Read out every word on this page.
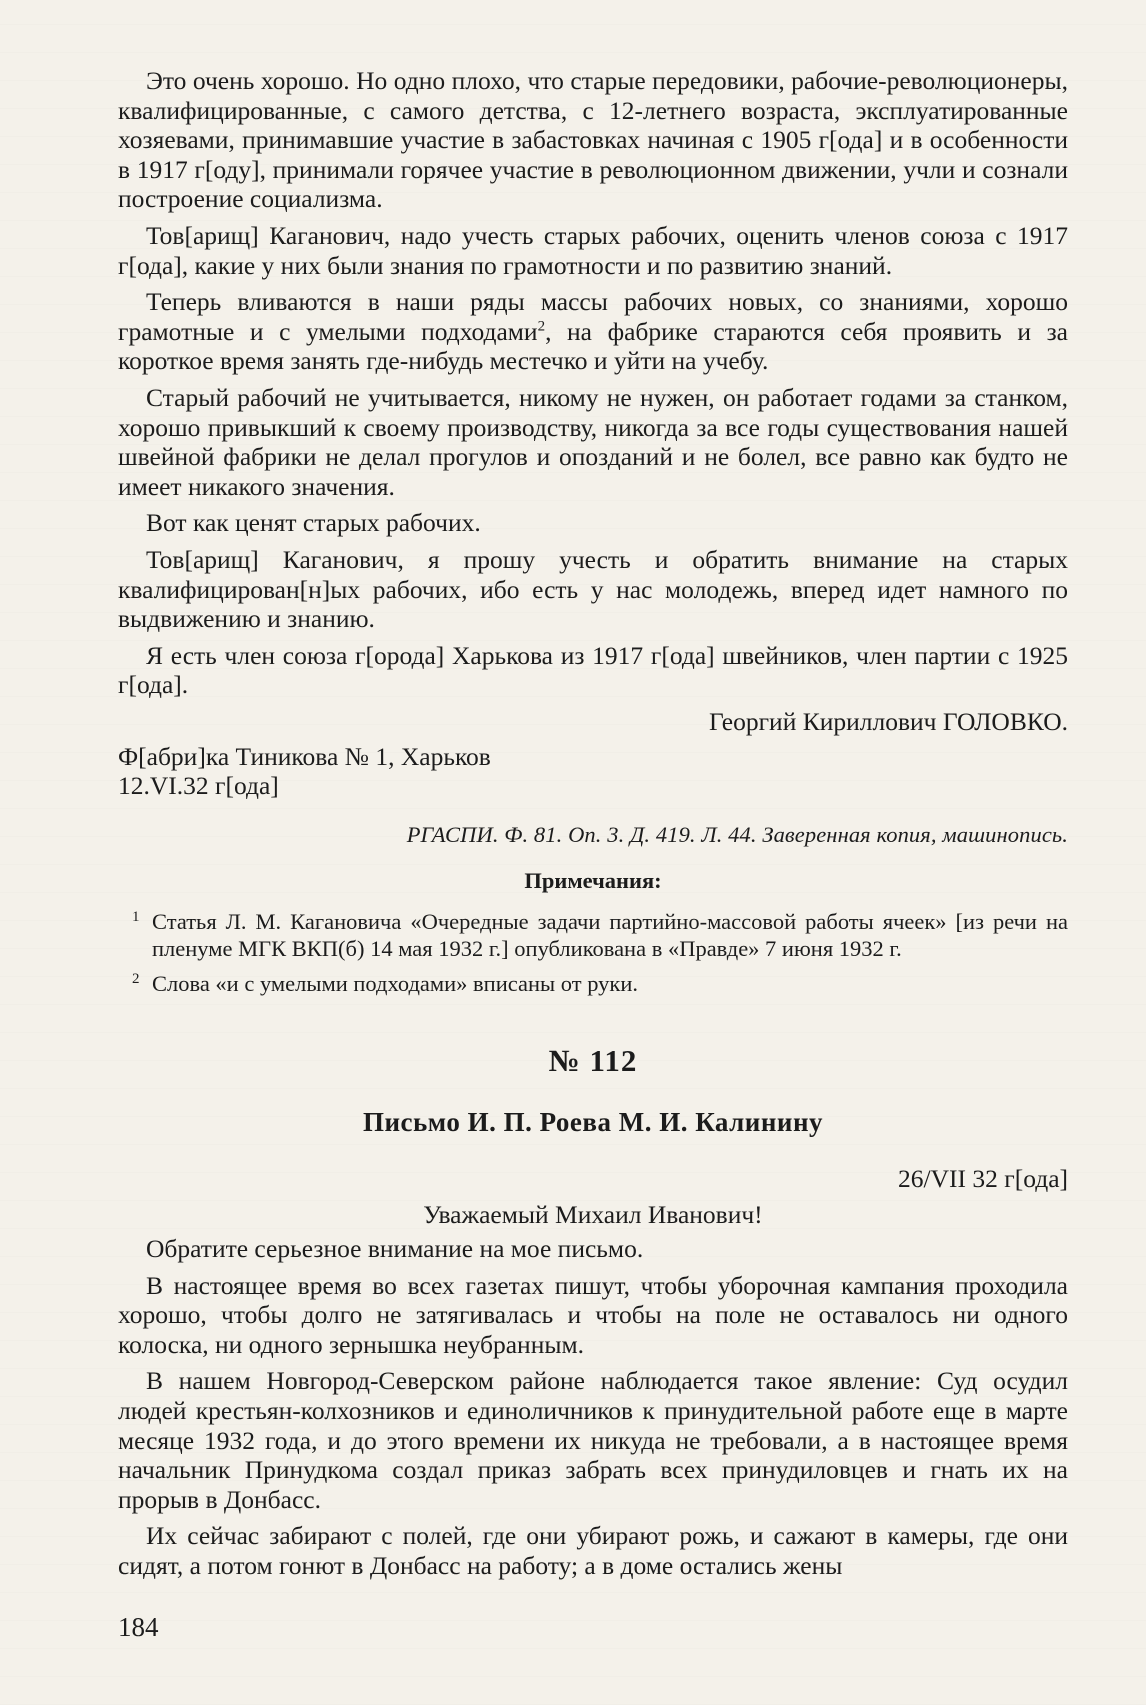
Это очень хорошо. Но одно плохо, что старые передовики, рабочие-революционеры, квалифицированные, с самого детства, с 12-летнего возраста, эксплуатированные хозяевами, принимавшие участие в забастовках начиная с 1905 г[ода] и в особенности в 1917 г[оду], принимали горячее участие в революционном движении, учли и сознали построение социализма.

Тов[арищ] Каганович, надо учесть старых рабочих, оценить членов союза с 1917 г[ода], какие у них были знания по грамотности и по развитию знаний.

Теперь вливаются в наши ряды массы рабочих новых, со знаниями, хорошо грамотные и с умелыми подходами$^2$, на фабрике стараются себя проявить и за короткое время занять где-нибудь местечко и уйти на учебу.

Старый рабочий не учитывается, никому не нужен, он работает годами за станком, хорошо привыкший к своему производству, никогда за все годы существования нашей швейной фабрики не делал прогулов и опозданий и не болел, все равно как будто не имеет никакого значения.

Вот как ценят старых рабочих.

Тов[арищ] Каганович, я прошу учесть и обратить внимание на старых квалифицирован[н]ых рабочих, ибо есть у нас молодежь, вперед идет намного по выдвижению и знанию.

Я есть член союза г[орода] Харькова из 1917 г[ода] швейников, член партии с 1925 г[ода].

Георгий Кириллович ГОЛОВКО.

Ф[абри]ка Тиникова № 1, Харьков
12.VI.32 г[ода]
РГАСПИ. Ф. 81. Оп. 3. Д. 419. Л. 44. Заверенная копия, машинопись.
Примечания:
1 Статья Л. М. Кагановича «Очередные задачи партийно-массовой работы ячеек» [из речи на пленуме МГК ВКП(б) 14 мая 1932 г.] опубликована в «Правде» 7 июня 1932 г.
2 Слова «и с умелыми подходами» вписаны от руки.
№ 112
Письмо И. П. Роева М. И. Калинину
26/VII 32 г[ода]
Уважаемый Михаил Иванович!

Обратите серьезное внимание на мое письмо.

В настоящее время во всех газетах пишут, чтобы уборочная кампания проходила хорошо, чтобы долго не затягивалась и чтобы на поле не оставалось ни одного колоска, ни одного зернышка неубранным.

В нашем Новгород-Северском районе наблюдается такое явление: Суд осудил людей крестьян-колхозников и единоличников к принудительной работе еще в марте месяце 1932 года, и до этого времени их никуда не требовали, а в настоящее время начальник Принудкома создал приказ забрать всех принудиловцев и гнать их на прорыв в Донбасс.

Их сейчас забирают с полей, где они убирают рожь, и сажают в камеры, где они сидят, а потом гонют в Донбасс на работу; а в доме остались жены

184
